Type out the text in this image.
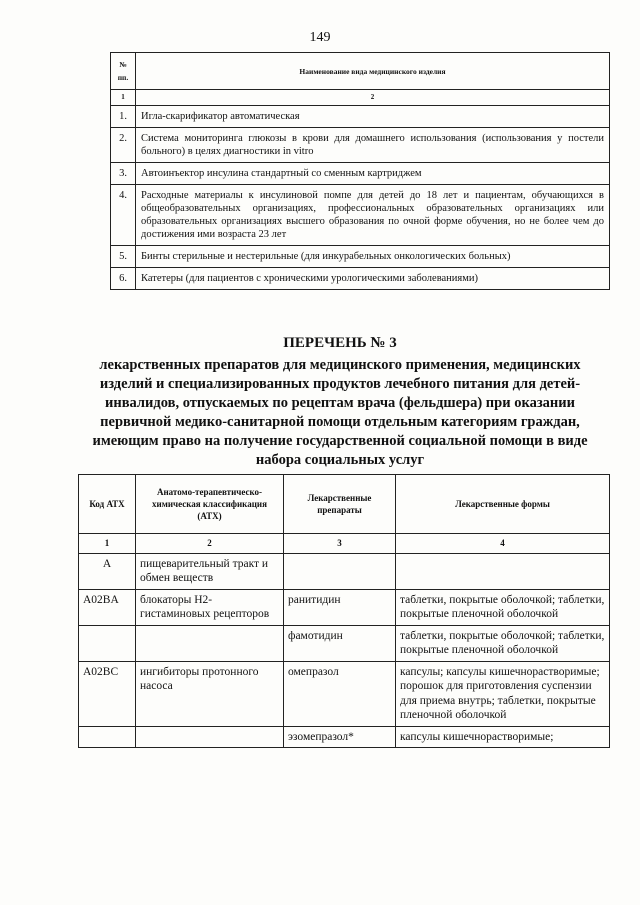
149
№
пп.	Наименование вида медицинского изделия
1	2
1.	Игла-скарификатор автоматическая
2.	Система мониторинга глюкозы в крови для домашнего использования (использования у постели больного) в целях диагностики in vitro
3.	Автоинъектор инсулина стандартный со сменным картриджем
4.	Расходные материалы к инсулиновой помпе для детей до 18 лет и пациентам, обучающихся в общеобразовательных организациях, профессиональных образовательных организациях или образовательных организациях высшего образования по очной форме обучения, но не более чем до достижения ими возраста 23 лет
5.	Бинты стерильные и нестерильные (для инкурабельных онкологических больных)
6.	Катетеры (для пациентов с хроническими урологическими заболеваниями)
ПЕРЕЧЕНЬ № 3
лекарственных препаратов для медицинского применения, медицинских изделий и специализированных продуктов лечебного питания для детей-инвалидов, отпускаемых по рецептам врача (фельдшера) при оказании первичной медико-санитарной помощи отдельным категориям граждан, имеющим право на получение государственной социальной помощи в виде набора социальных услуг
Код АТХ	Анатомо-терапевтическо-химическая классификация (АТХ)	Лекарственные препараты	Лекарственные формы
1	2	3	4
A	пищеварительный тракт и обмен веществ		
A02BA	блокаторы H2-гистаминовых рецепторов	ранитидин	таблетки, покрытые оболочкой; таблетки, покрытые пленочной оболочкой
		фамотидин	таблетки, покрытые оболочкой; таблетки, покрытые пленочной оболочкой
A02BC	ингибиторы протонного насоса	омепразол	капсулы; капсулы кишечнорастворимые; порошок для приготовления суспензии для приема внутрь; таблетки, покрытые пленочной оболочкой
		эзомепразол*	капсулы кишечнорастворимые;
